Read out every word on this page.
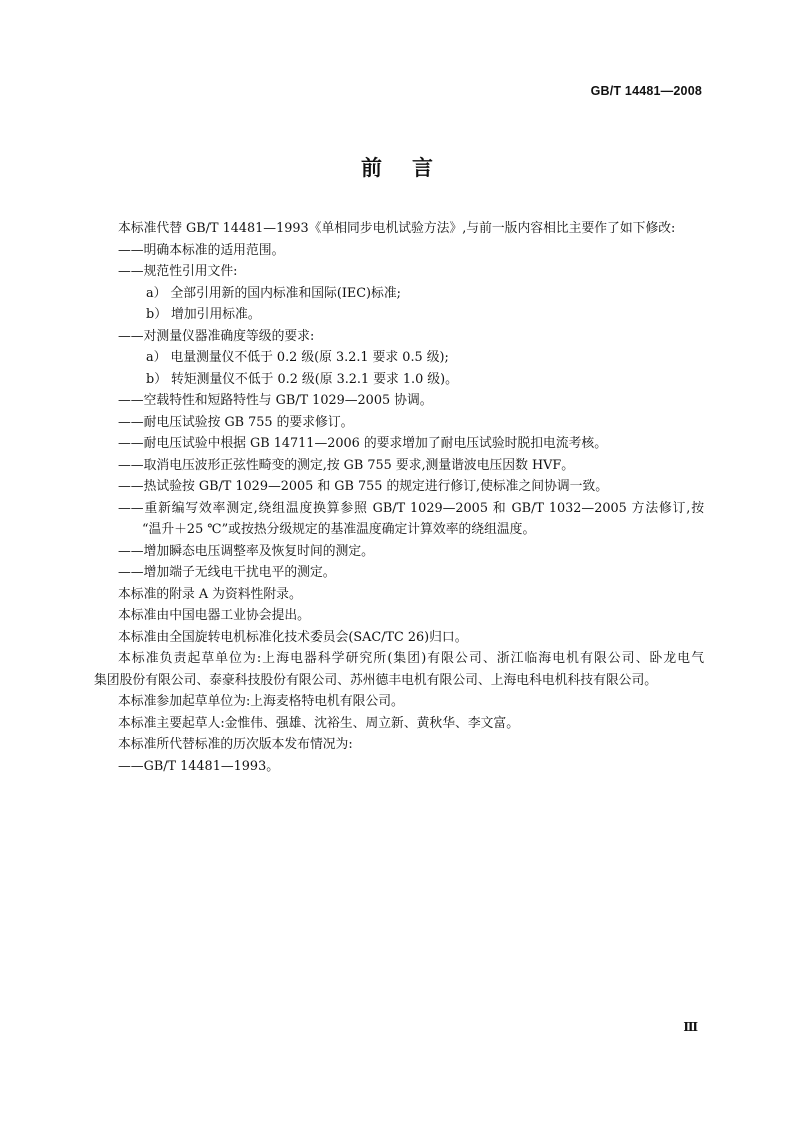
GB/T 14481—2008
前言
本标准代替 GB/T 14481—1993《单相同步电机试验方法》,与前一版内容相比主要作了如下修改:
——明确本标准的适用范围。
——规范性引用文件:
a） 全部引用新的国内标准和国际(IEC)标准;
b） 增加引用标准。
——对测量仪器准确度等级的要求:
a） 电量测量仪不低于 0.2 级(原 3.2.1 要求 0.5 级);
b） 转矩测量仪不低于 0.2 级(原 3.2.1 要求 1.0 级)。
——空载特性和短路特性与 GB/T 1029—2005 协调。
——耐电压试验按 GB 755 的要求修订。
——耐电压试验中根据 GB 14711—2006 的要求增加了耐电压试验时脱扣电流考核。
——取消电压波形正弦性畸变的测定,按 GB 755 要求,测量谐波电压因数 HVF。
——热试验按 GB/T 1029—2005 和 GB 755 的规定进行修订,使标准之间协调一致。
——重新编写效率测定,绕组温度换算参照 GB/T 1029—2005 和 GB/T 1032—2005 方法修订,按
“温升＋25 ℃”或按热分级规定的基准温度确定计算效率的绕组温度。
——增加瞬态电压调整率及恢复时间的测定。
——增加端子无线电干扰电平的测定。
本标准的附录 A 为资料性附录。
本标准由中国电器工业协会提出。
本标准由全国旋转电机标准化技术委员会(SAC/TC 26)归口。
本标准负责起草单位为:上海电器科学研究所(集团)有限公司、浙江临海电机有限公司、卧龙电气
集团股份有限公司、泰豪科技股份有限公司、苏州德丰电机有限公司、上海电科电机科技有限公司。
本标准参加起草单位为:上海麦格特电机有限公司。
本标准主要起草人:金惟伟、强雄、沈裕生、周立新、黄秋华、李文富。
本标准所代替标准的历次版本发布情况为:
——GB/T 14481—1993。
Ⅲ
